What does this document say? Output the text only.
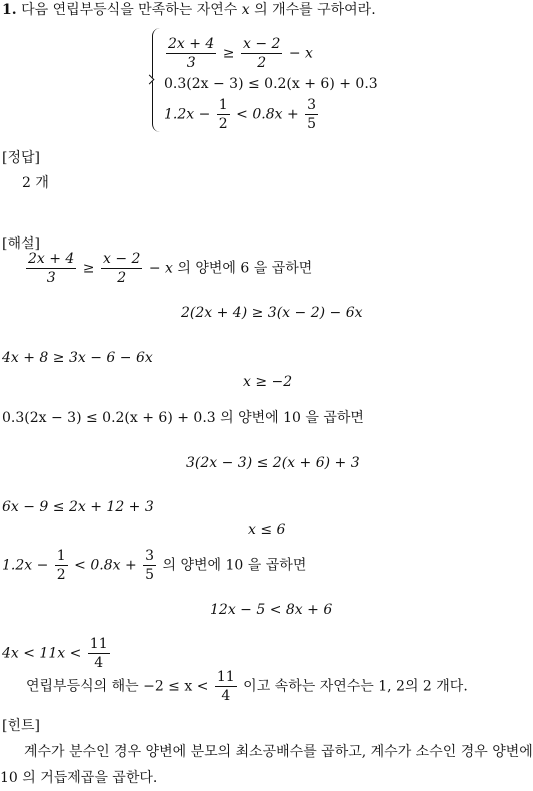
1. 다음 연립부등식을 만족하는 자연수 x 의 개수를 구하여라.
$\frac{2x + 4}{3} \ge \frac{x - 2}{2} - x$
0.3(2x − 3) ≤ 0.2(x + 6) + 0.3
$1.2x - \frac{1}{2} < 0.8x + \frac{3}{5}$
[정답]
2 개
[해설]
$\frac{2x + 4}{3} \ge \frac{x - 2}{2} - x$ 의 양변에 6 을 곱하면
2(2x + 4) ≥ 3(x − 2) − 6x
4x + 8 ≥ 3x − 6 − 6x
x ≥ −2
0.3(2x − 3) ≤ 0.2(x + 6) + 0.3 의 양변에 10 을 곱하면
3(2x − 3) ≤ 2(x + 6) + 3
6x − 9 ≤ 2x + 12 + 3
x ≤ 6
$1.2x - \frac{1}{2} < 0.8x + \frac{3}{5}$ 의 양변에 10 을 곱하면
12x − 5 < 8x + 6
$4x < 11x < \frac{11}{4}$
연립부등식의 해는 $-2 \le x < \frac{11}{4}$ 이고 속하는 자연수는 1, 2의 2 개다.
[힌트]
계수가 분수인 경우 양변에 분모의 최소공배수를 곱하고, 계수가 소수인 경우 양변에 10 의 거듭제곱을 곱한다.
